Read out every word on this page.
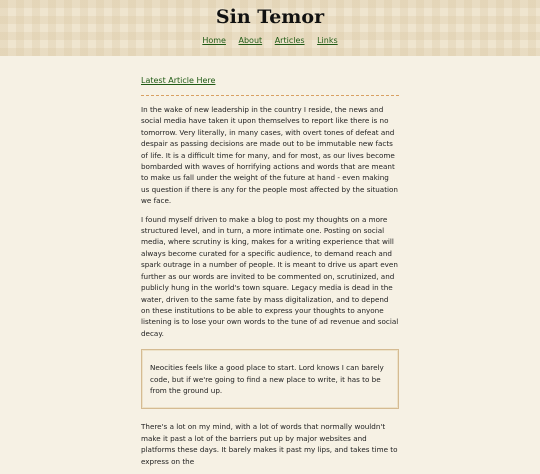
Sin Temor
Home About Articles Links
Latest Article Here

In the wake of new leadership in the country I reside, the news and social media have taken it upon themselves to report like there is no tomorrow. Very literally, in many cases, with overt tones of defeat and despair as passing decisions are made out to be immutable new facts of life. It is a difficult time for many, and for most, as our lives become bombarded with waves of horrifying actions and words that are meant to make us fall under the weight of the future at hand - even making us question if there is any for the people most affected by the situation we face.

I found myself driven to make a blog to post my thoughts on a more structured level, and in turn, a more intimate one. Posting on social media, where scrutiny is king, makes for a writing experience that will always become curated for a specific audience, to demand reach and spark outrage in a number of people. It is meant to drive us apart even further as our words are invited to be commented on, scrutinized, and publicly hung in the world's town square. Legacy media is dead in the water, driven to the same fate by mass digitalization, and to depend on these institutions to be able to express your thoughts to anyone listening is to lose your own words to the tune of ad revenue and social decay.

Neocities feels like a good place to start. Lord knows I can barely code, but if we're going to find a new place to write, it has to be from the ground up.

There's a lot on my mind, with a lot of words that normally wouldn't make it past a lot of the barriers put up by major websites and platforms these days. It barely makes it past my lips, and takes time to express on the
